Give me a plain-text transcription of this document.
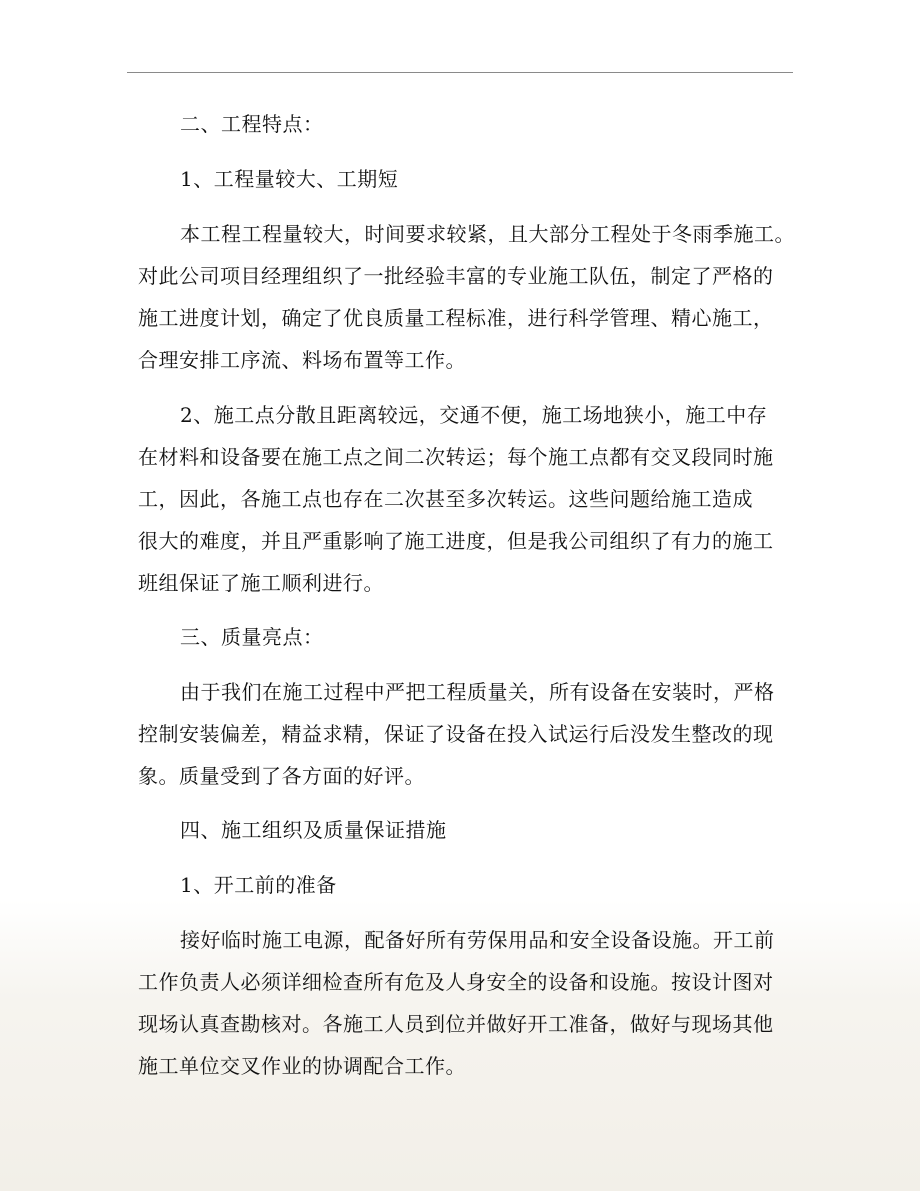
二、工程特点：
1、工程量较大、工期短
本工程工程量较大，时间要求较紧，且大部分工程处于冬雨季施工。
对此公司项目经理组织了一批经验丰富的专业施工队伍，制定了严格的
施工进度计划，确定了优良质量工程标准，进行科学管理、精心施工，
合理安排工序流、料场布置等工作。
2、施工点分散且距离较远，交通不便，施工场地狭小，施工中存
在材料和设备要在施工点之间二次转运；每个施工点都有交叉段同时施
工，因此，各施工点也存在二次甚至多次转运。这些问题给施工造成
很大的难度，并且严重影响了施工进度，但是我公司组织了有力的施工
班组保证了施工顺利进行。
三、质量亮点：
由于我们在施工过程中严把工程质量关，所有设备在安装时，严格
控制安装偏差，精益求精，保证了设备在投入试运行后没发生整改的现
象。质量受到了各方面的好评。
四、施工组织及质量保证措施
1、开工前的准备
接好临时施工电源，配备好所有劳保用品和安全设备设施。开工前
工作负责人必须详细检查所有危及人身安全的设备和设施。按设计图对
现场认真查勘核对。各施工人员到位并做好开工准备，做好与现场其他
施工单位交叉作业的协调配合工作。
